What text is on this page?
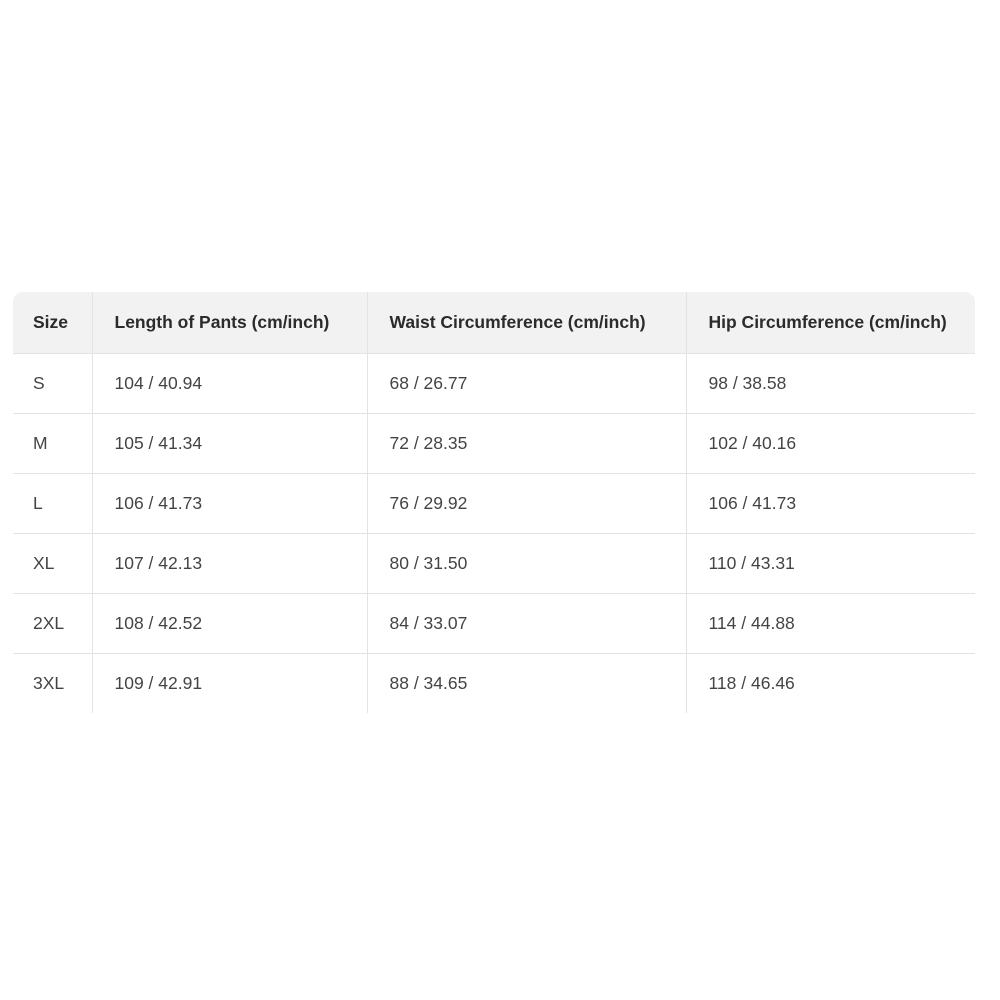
Size	Length of Pants (cm/inch)	Waist Circumference (cm/inch)	Hip Circumference (cm/inch)
S	104 / 40.94	68 / 26.77	98 / 38.58
M	105 / 41.34	72 / 28.35	102 / 40.16
L	106 / 41.73	76 / 29.92	106 / 41.73
XL	107 / 42.13	80 / 31.50	110 / 43.31
2XL	108 / 42.52	84 / 33.07	114 / 44.88
3XL	109 / 42.91	88 / 34.65	118 / 46.46
